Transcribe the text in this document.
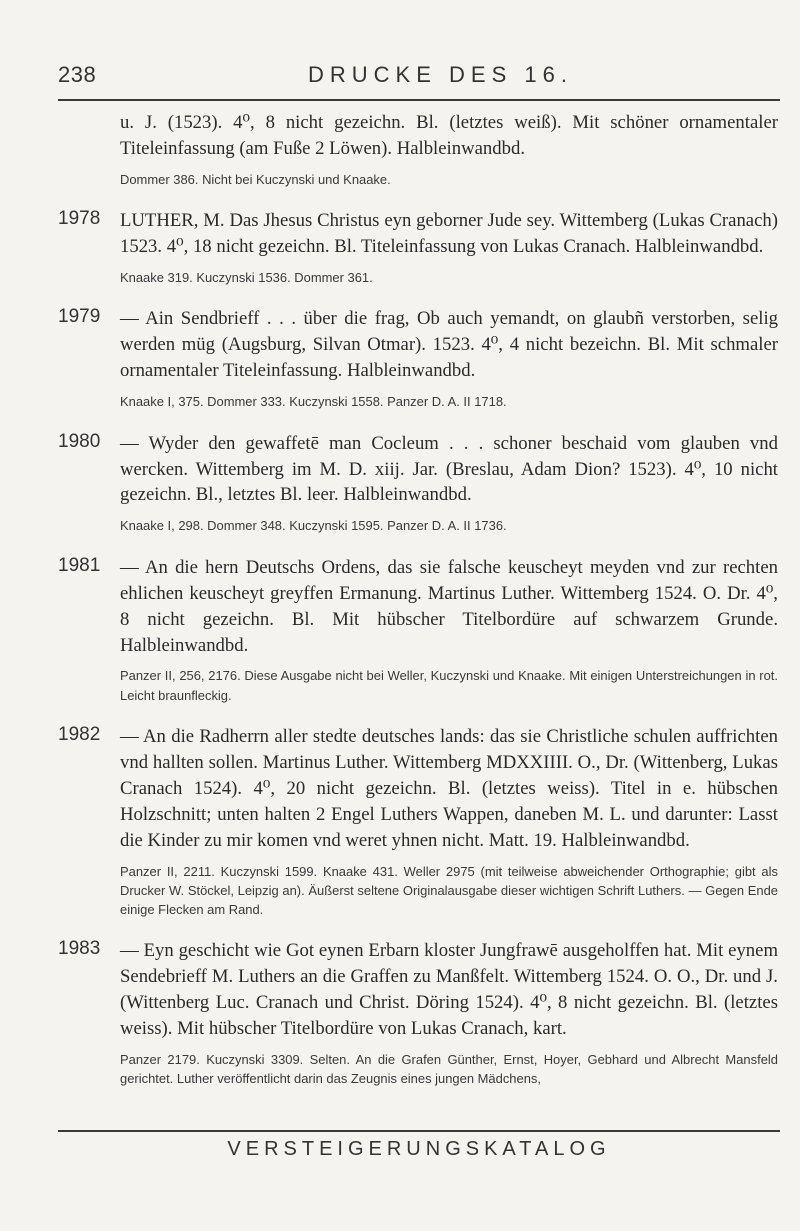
238	DRUCKE DES 16.

u. J. (1523). 4⁰, 8 nicht gezeichn. Bl. (letztes weiß). Mit schöner ornamentaler Titeleinfassung (am Fuße 2 Löwen). Halbleinwandbd.

Dommer 386. Nicht bei Kuczynski und Knaake.

1978 LUTHER, M. Das Jhesus Christus eyn geborner Jude sey. Wittemberg (Lukas Cranach) 1523. 4⁰, 18 nicht gezeichn. Bl. Titeleinfassung von Lukas Cranach. Halbleinwandbd.

Knaake 319. Kuczynski 1536. Dommer 361.

1979 — Ain Sendbrieff . . . über die frag, Ob auch yemandt, on glaubñ verstorben, selig werden müg (Augsburg, Silvan Otmar). 1523. 4⁰, 4 nicht bezeichn. Bl. Mit schmaler ornamentaler Titeleinfassung. Halbleinwandbd.

Knaake I, 375. Dommer 333. Kuczynski 1558. Panzer D. A. II 1718.

1980 — Wyder den gewaffetē man Cocleum . . . schoner beschaid vom glauben vnd wercken. Wittemberg im M. D. xiij. Jar. (Breslau, Adam Dion? 1523). 4⁰, 10 nicht gezeichn. Bl., letztes Bl. leer. Halbleinwandbd.

Knaake I, 298. Dommer 348. Kuczynski 1595. Panzer D. A. II 1736.

1981 — An die hern Deutschs Ordens, das sie falsche keuscheyt meyden vnd zur rechten ehlichen keuscheyt greyffen Ermanung. Martinus Luther. Wittemberg 1524. O. Dr. 4⁰, 8 nicht gezeichn. Bl. Mit hübscher Titelbordüre auf schwarzem Grunde. Halbleinwandbd.

Panzer II, 256, 2176. Diese Ausgabe nicht bei Weller, Kuczynski und Knaake. Mit einigen Unterstreichungen in rot. Leicht braunfleckig.

1982 — An die Radherrn aller stedte deutsches lands: das sie Christliche schulen auffrichten vnd hallten sollen. Martinus Luther. Wittemberg MDXXIIII. O., Dr. (Wittenberg, Lukas Cranach 1524). 4⁰, 20 nicht gezeichn. Bl. (letztes weiss). Titel in e. hübschen Holzschnitt; unten halten 2 Engel Luthers Wappen, daneben M. L. und darunter: Lasst die Kinder zu mir komen vnd weret yhnen nicht. Matt. 19. Halbleinwandbd.

Panzer II, 2211. Kuczynski 1599. Knaake 431. Weller 2975 (mit teilweise abweichender Orthographie; gibt als Drucker W. Stöckel, Leipzig an). Äußerst seltene Originalausgabe dieser wichtigen Schrift Luthers. — Gegen Ende einige Flecken am Rand.

1983 — Eyn geschicht wie Got eynen Erbarn kloster Jungfrawē ausgeholffen hat. Mit eynem Sendebrieff M. Luthers an die Graffen zu Manßfelt. Wittemberg 1524. O. O., Dr. und J. (Wittenberg Luc. Cranach und Christ. Döring 1524). 4⁰, 8 nicht gezeichn. Bl. (letztes weiss). Mit hübscher Titelbordüre von Lukas Cranach, kart.

Panzer 2179. Kuczynski 3309. Selten. An die Grafen Günther, Ernst, Hoyer, Gebhard und Albrecht Mansfeld gerichtet. Luther veröffentlicht darin das Zeugnis eines jungen Mädchens,

VERSTEIGERUNGSKATALOG
